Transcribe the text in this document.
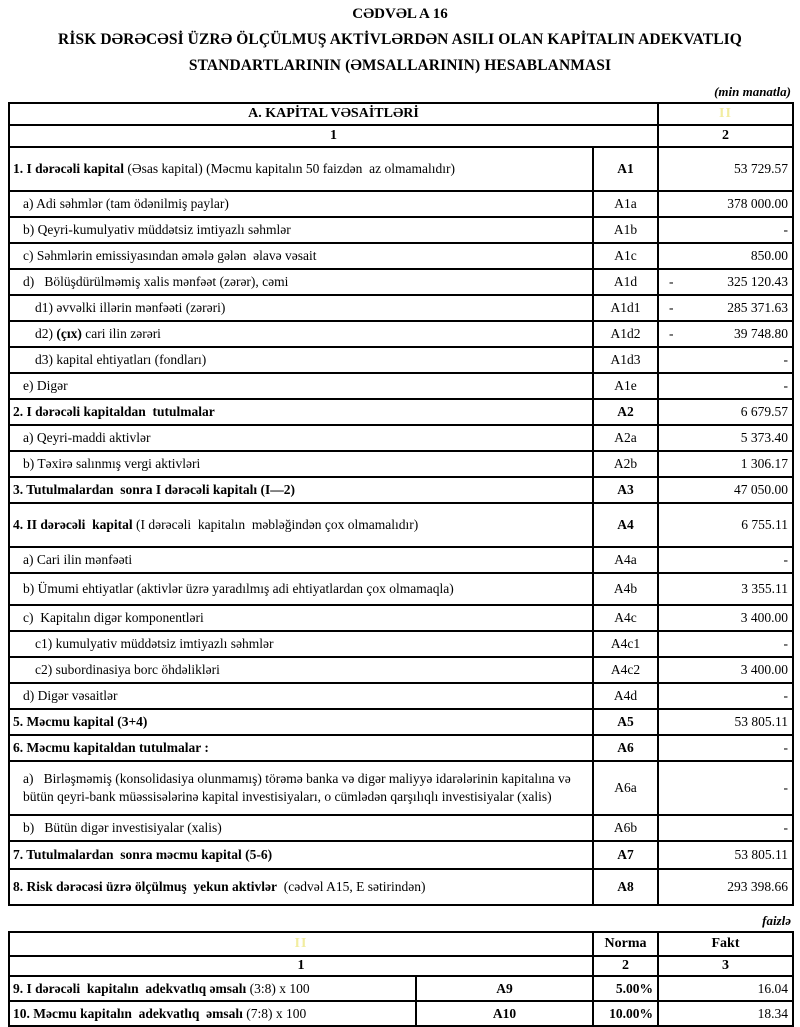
CƏDVƏL A 16
RİSK DƏRƏCƏSİ ÜZRƏ ÖLÇÜLMUŞ AKTİVLƏRDƏN ASILI OLAN KAPİTALIN ADEKVATLIQ
STANDARTLARININ (ƏMSALLARININ) HESABLANMASI
(min manatla)
A. KAPİTAL VƏSAİTLƏRİ		II
1		2
1. I dərəcəli kapital (Əsas kapital) (Məcmu kapitalın 50 faizdən  az olmamalıdır)	A1	53 729.57
a) Adi səhmlər (tam ödənilmiş paylar)	A1a	378 000.00
b) Qeyri-kumulyativ müddətsiz imtiyazlı səhmlər	A1b	-
c) Səhmlərin emissiyasından əmələ gələn  əlavə vəsait	A1c	850.00
d)   Bölüşdürülməmiş xalis mənfəət (zərər), cəmi	A1d	- 325 120.43
d1) əvvəlki illərin mənfəəti (zərəri)	A1d1	- 285 371.63
d2) (çıx) cari ilin zərəri	A1d2	- 39 748.80
d3) kapital ehtiyatları (fondları)	A1d3	-
e) Digər	A1e	-
2. I dərəcəli kapitaldan  tutulmalar	A2	6 679.57
a) Qeyri-maddi aktivlər	A2a	5 373.40
b) Təxirə salınmış vergi aktivləri	A2b	1 306.17
3. Tutulmalardan  sonra I dərəcəli kapitalı (I—2)	A3	47 050.00
4. II dərəcəli  kapital (I dərəcəli  kapitalın  məbləğindən çox olmamalıdır)	A4	6 755.11
a) Cari ilin mənfəəti	A4a	-
b) Ümumi ehtiyatlar (aktivlər üzrə yaradılmış adi ehtiyatlardan çox olmamaqla)	A4b	3 355.11
c)  Kapitalın digər komponentləri	A4c	3 400.00
c1) kumulyativ müddətsiz imtiyazlı səhmlər	A4c1	-
c2) subordinasiya borc öhdəlikləri	A4c2	3 400.00
d) Digər vəsaitlər	A4d	-
5. Məcmu kapital (3+4)	A5	53 805.11
6. Məcmu kapitaldan tutulmalar :	A6	-
a)   Birləşməmiş (konsolidasiya olunmamış) törəmə banka və digər maliyyə idarələrinin kapitalına və bütün qeyri-bank müəssisələrinə kapital investisiyaları, o cümlədən qarşılıqlı investisiyalar (xalis)	A6a	-
b)   Bütün digər investisiyalar (xalis)	A6b	-
7. Tutulmalardan  sonra məcmu kapital (5-6)	A7	53 805.11
8. Risk dərəcəsi üzrə ölçülmuş  yekun aktivlər  (cədvəl A15, E sətirindən)	A8	293 398.66
faizlə
II		Norma	Fakt
1		2	3
9. I dərəcəli  kapitalın  adekvatlıq əmsalı (3:8) x 100	A9	5.00%	16.04
10. Məcmu kapitalın  adekvatlıq  əmsalı (7:8) x 100	A10	10.00%	18.34
